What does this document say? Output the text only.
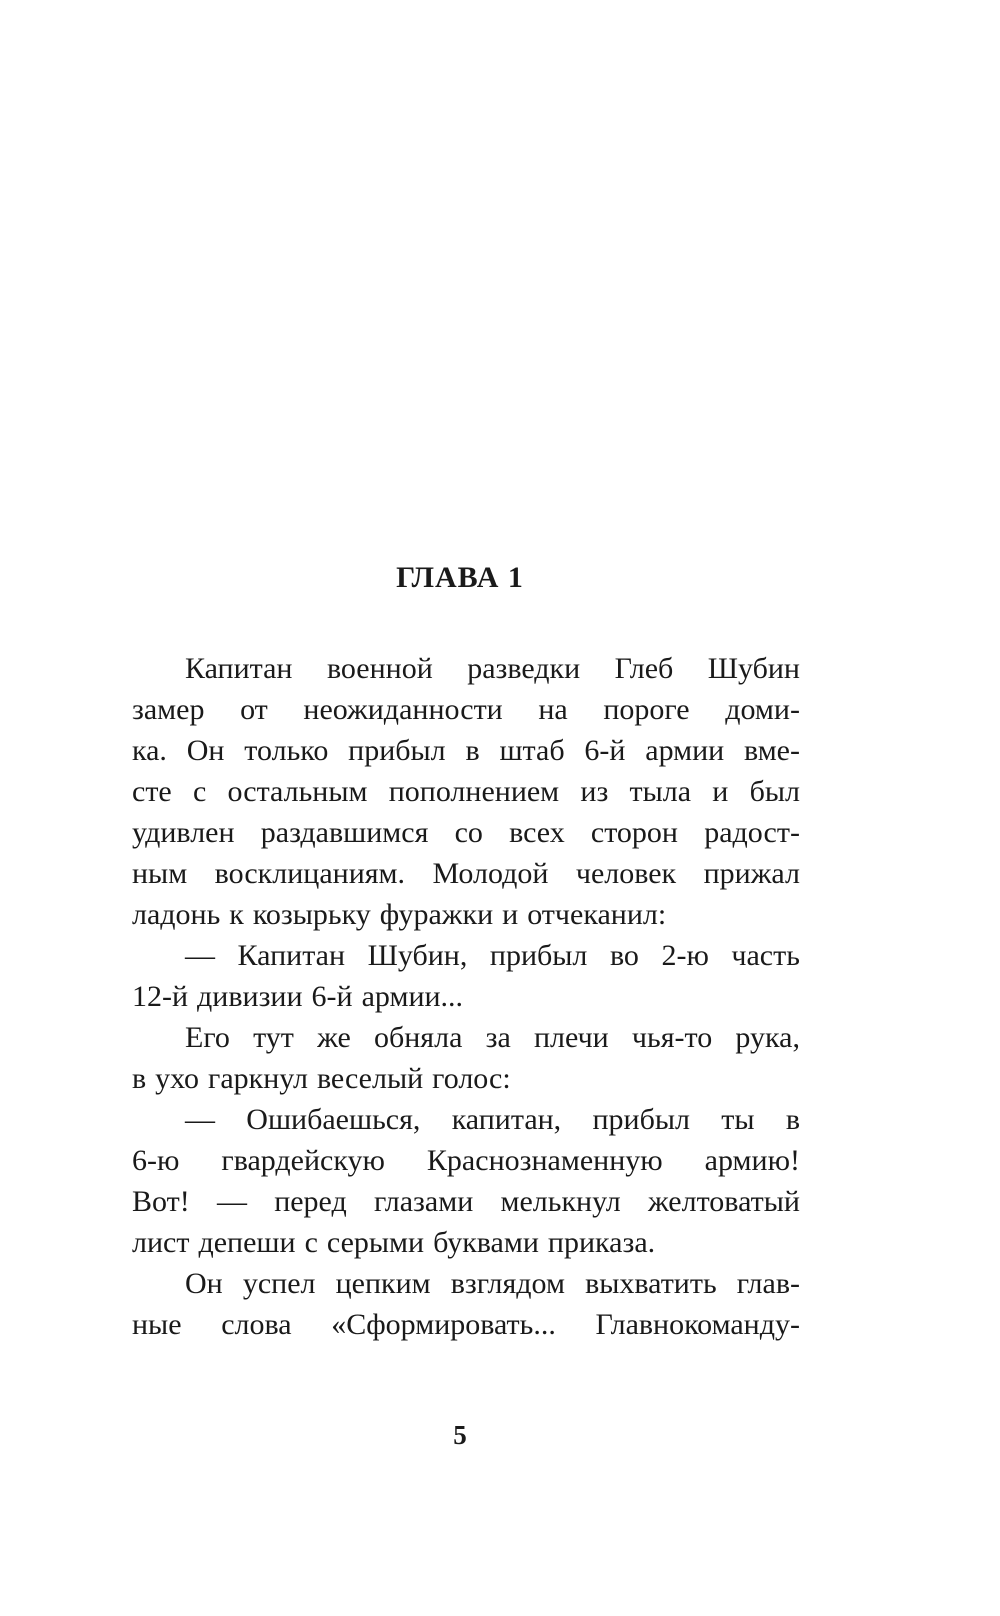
ГЛАВА 1
Капитан военной разведки Глеб Шубин
замер от неожиданности на пороге доми-
ка. Он только прибыл в штаб 6-й армии вме-
сте с остальным пополнением из тыла и был
удивлен раздавшимся со всех сторон радост-
ным восклицаниям. Молодой человек прижал
ладонь к козырьку фуражки и отчеканил:
— Капитан Шубин, прибыл во 2-ю часть
12-й дивизии 6-й армии...
Его тут же обняла за плечи чья-то рука,
в ухо гаркнул веселый голос:
— Ошибаешься, капитан, прибыл ты в
6-ю гвардейскую Краснознаменную армию!
Вот! — перед глазами мелькнул желтоватый
лист депеши с серыми буквами приказа.
Он успел цепким взглядом выхватить глав-
ные слова «Сформировать... Главнокоманду-
5
